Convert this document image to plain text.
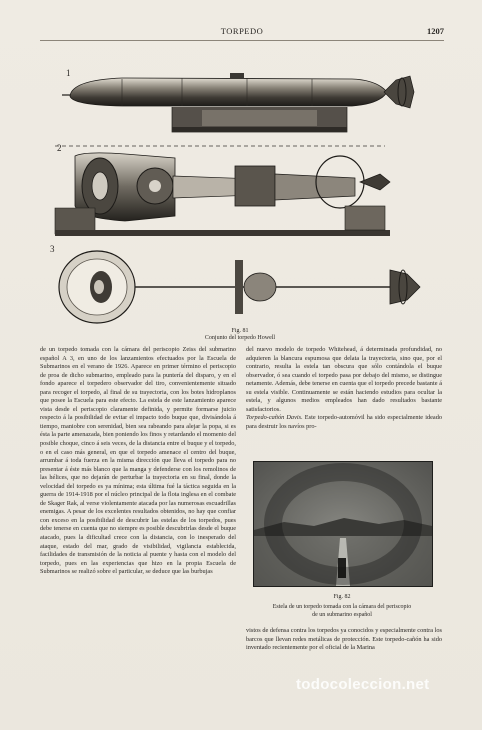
TORPEDO	1207
1
2
3
Fig. 81
Conjunto del torpedo Howell

de un torpedo tomada con la cámara del periscopio Zeiss del submarino español A 3, en uno de los lanzamientos efectuados por la Escuela de Submarinos en el verano de 1926. Aparece en primer término el periscopio de proa de dicho submarino, empleado para la puntería del disparo, y en el fondo aparece el torpedero observador del tiro, convenientemente situado para recoger el torpedo, al final de su trayectoria, con los botes hidroplanos que posee la Escuela para este efecto. La estela de este lanzamiento aparece vista desde el periscopio claramente definida, y permite formarse juicio respecto á la posibilidad de evitar el impacto todo buque que, divisándola á tiempo, maniobre con serenidad, bien sea rabeando para alejar la popa, si es ésta la parte amenazada, bien poniendo los finos y retardando el momento del posible choque, cinco á seis veces, de la distancia entre el buque y el torpedo, o en el caso más general, en que el torpedo amenace el centro del buque, arrumbar á toda fuerza en la misma dirección que lleva el torpedo para no presentar á éste más blanco que la manga y defenderse con los remolinos de las hélices, que no dejarán de perturbar la trayectoria en su final, donde la velocidad del torpedo es ya mínima; esta última fué la táctica seguida en la guerra de 1914-1918 por el núcleo principal de la flota inglesa en el combate de Skager Rak, al verse violentamente atacada por las numerosas escuadrillas enemigas. A pesar de los excelentes resultados obtenidos, no hay que confiar con exceso en la posibilidad de descubrir las estelas de los torpedos, pues debe tenerse en cuenta que no siempre es posible descubrirlas desde el buque atacado, pues la dificultad crece con la distancia, con lo inesperado del ataque, estado del mar, grado de visibilidad, vigilancia establecida, facilidades de transmisión de la noticia al puente y hasta con el modelo del torpedo, pues en las experiencias que hizo en la propia Escuela de Submarinos se realizó sobre el particular, se deduce que las burbujas

del nuevo modelo de torpedo Whitehead, á determinada profundidad, no adquieren la blancura espumosa que delata la trayectoria, sino que, por el contrario, resulta la estela tan obscura que sólo contándola el buque observador, ó sea cuando el torpedo pasa por debajo del mismo, se distingue netamente. Además, debe tenerse en cuenta que el torpedo precede bastante á su estela visible. Continuamente se están haciendo estudios para ocultar la estela, y algunos medios empleados han dado resultados bastante satisfactorios.

Torpedo-cañón Davis. Este torpedo-automóvil ha sido especialmente ideado para destruir los navíos pro-

Fig. 82
Estela de un torpedo tomada con la cámara del periscopio
de un submarino español

vistos de defensa contra los torpedos ya conocidos y especialmente contra los barcos que llevan redes metálicas de protección. Este torpedo-cañón ha sido inventado recientemente por el oficial de la Marina

todocoleccion.net
